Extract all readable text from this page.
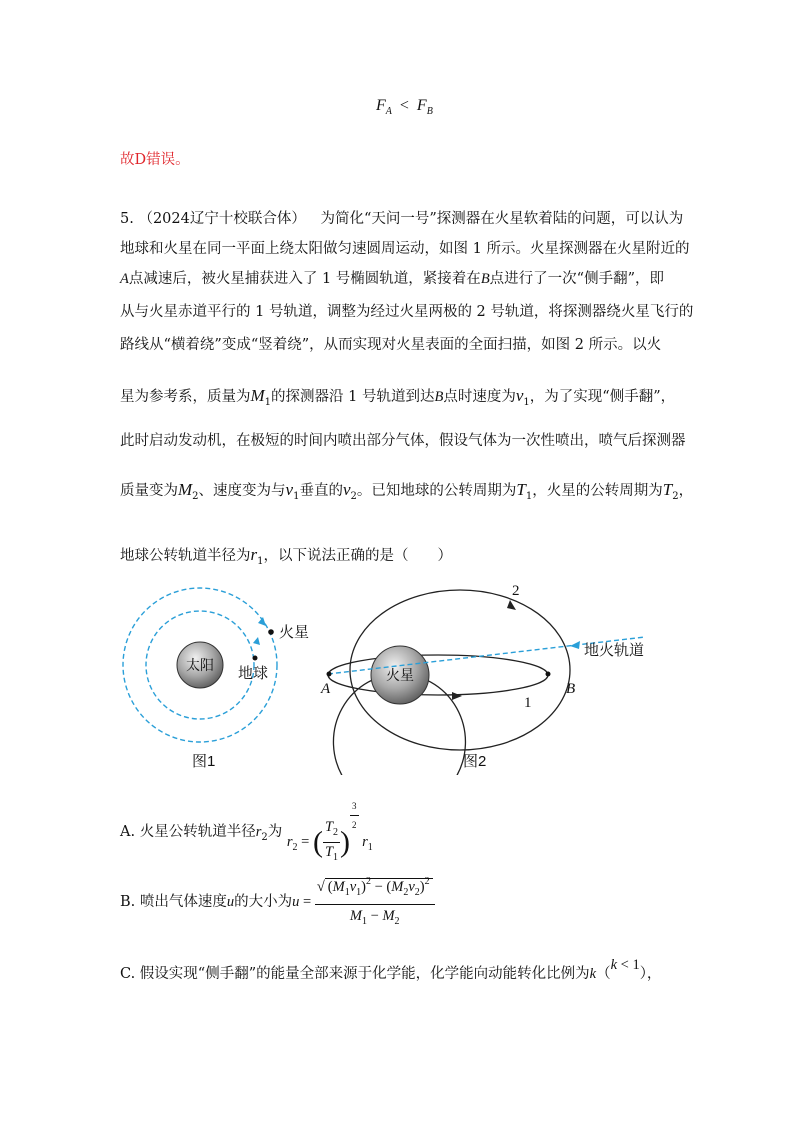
$F_A < F_B$
故D错误。
5. （2024辽宁十校联合体） 为简化“天问一号”探测器在火星软着陆的问题，可以认为
地球和火星在同一平面上绕太阳做匀速圆周运动，如图 1 所示。火星探测器在火星附近的
A点减速后，被火星捕获进入了 1 号椭圆轨道，紧接着在B点进行了一次“侧手翻”，即
从与火星赤道平行的 1 号轨道，调整为经过火星两极的 2 号轨道，将探测器绕火星飞行的
路线从“横着绕”变成“竖着绕”，从而实现对火星表面的全面扫描，如图 2 所示。以火
星为参考系，质量为$M_1$的探测器沿 1 号轨道到达B点时速度为$v_1$，为了实现“侧手翻”，
此时启动发动机，在极短的时间内喷出部分气体，假设气体为一次性喷出，喷气后探测器
质量变为$M_2$、速度变为与$v_1$垂直的$v_2$。已知地球的公转周期为$T_1$，火星的公转周期为$T_2$，
地球公转轨道半径为$r_1$，以下说法正确的是（　　）
太阳 地球
火星
火星
A	B
1
2
地火轨道
图1	图2
A. 火星公转轨道半径$r_2$为 $r_2$ = ( $\frac{T_2}{T_1}$ )
$\frac{3}{2}$
$r_1$
B. 喷出气体速度u的大小为$u = \frac{√ (M_1v_1)^2 - (M_2v_2)^2}{M_1 - M_2}$
C. 假设实现“侧手翻”的能量全部来源于化学能，化学能向动能转化比例为k（k < 1），
